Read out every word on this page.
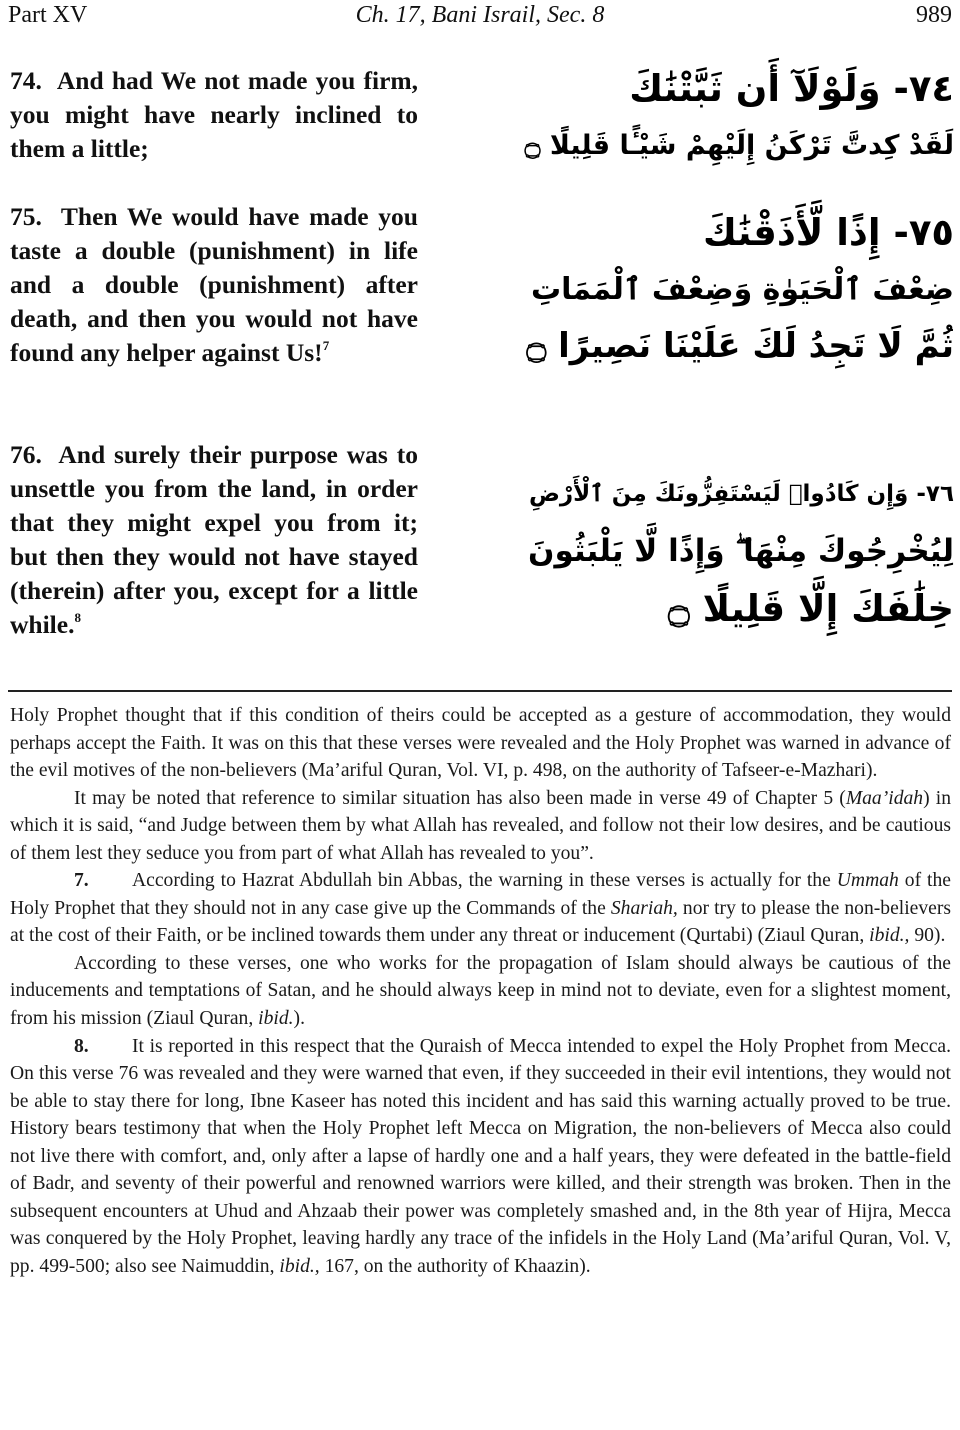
Part XV	Ch. 17, Bani Israil, Sec. 8	989
74. And had We not made you firm, you might have nearly inclined to them a little;
75. Then We would have made you taste a double (punishment) in life and a double (punishment) after death, and then you would not have found any helper against Us!$^7$
76. And surely their purpose was to unsettle you from the land, in order that they might expel you from it; but then they would not have stayed (therein) after you, except for a little while.$^8$
٧٤- وَلَوْلَآ أَن ثَبَّتْنَٰكَ
لَقَدْ كِدتَّ تَرْكَنُ إِلَيْهِمْ شَيْـًٔا قَلِيلًا ۝
٧٥- إِذًا لَّأَذَقْنَٰكَ
ضِعْفَ ٱلْحَيَوٰةِ وَضِعْفَ ٱلْمَمَاتِ
ثُمَّ لَا تَجِدُ لَكَ عَلَيْنَا نَصِيرًا ۝
٧٦- وَإِن كَادُوا۟ لَيَسْتَفِزُّونَكَ مِنَ ٱلْأَرْضِ
لِيُخْرِجُوكَ مِنْهَا ۖ وَإِذًا لَّا يَلْبَثُونَ
خِلَٰفَكَ إِلَّا قَلِيلًا ۝

Holy Prophet thought that if this condition of theirs could be accepted as a gesture of accommodation, they would perhaps accept the Faith. It was on this that these verses were revealed and the Holy Prophet was warned in advance of the evil motives of the non-believers (Ma’ariful Quran, Vol. VI, p. 498, on the authority of Tafseer-e-Mazhari).

It may be noted that reference to similar situation has also been made in verse 49 of Chapter 5 (Maa’idah) in which it is said, “and Judge between them by what Allah has revealed, and follow not their low desires, and be cautious of them lest they seduce you from part of what Allah has revealed to you”.

7. According to Hazrat Abdullah bin Abbas, the warning in these verses is actually for the Ummah of the Holy Prophet that they should not in any case give up the Commands of the Shariah, nor try to please the non-believers at the cost of their Faith, or be inclined towards them under any threat or inducement (Qurtabi) (Ziaul Quran, ibid., 90).

According to these verses, one who works for the propagation of Islam should always be cautious of the inducements and temptations of Satan, and he should always keep in mind not to deviate, even for a slightest moment, from his mission (Ziaul Quran, ibid.).

8. It is reported in this respect that the Quraish of Mecca intended to expel the Holy Prophet from Mecca. On this verse 76 was revealed and they were warned that even, if they succeeded in their evil intentions, they would not be able to stay there for long, Ibne Kaseer has noted this incident and has said this warning actually proved to be true. History bears testimony that when the Holy Prophet left Mecca on Migration, the non-believers of Mecca also could not live there with comfort, and, only after a lapse of hardly one and a half years, they were defeated in the battle-field of Badr, and seventy of their powerful and renowned warriors were killed, and their strength was broken. Then in the subsequent encounters at Uhud and Ahzaab their power was completely smashed and, in the 8th year of Hijra, Mecca was conquered by the Holy Prophet, leaving hardly any trace of the infidels in the Holy Land (Ma’ariful Quran, Vol. V, pp. 499-500; also see Naimuddin, ibid., 167, on the authority of Khaazin).
